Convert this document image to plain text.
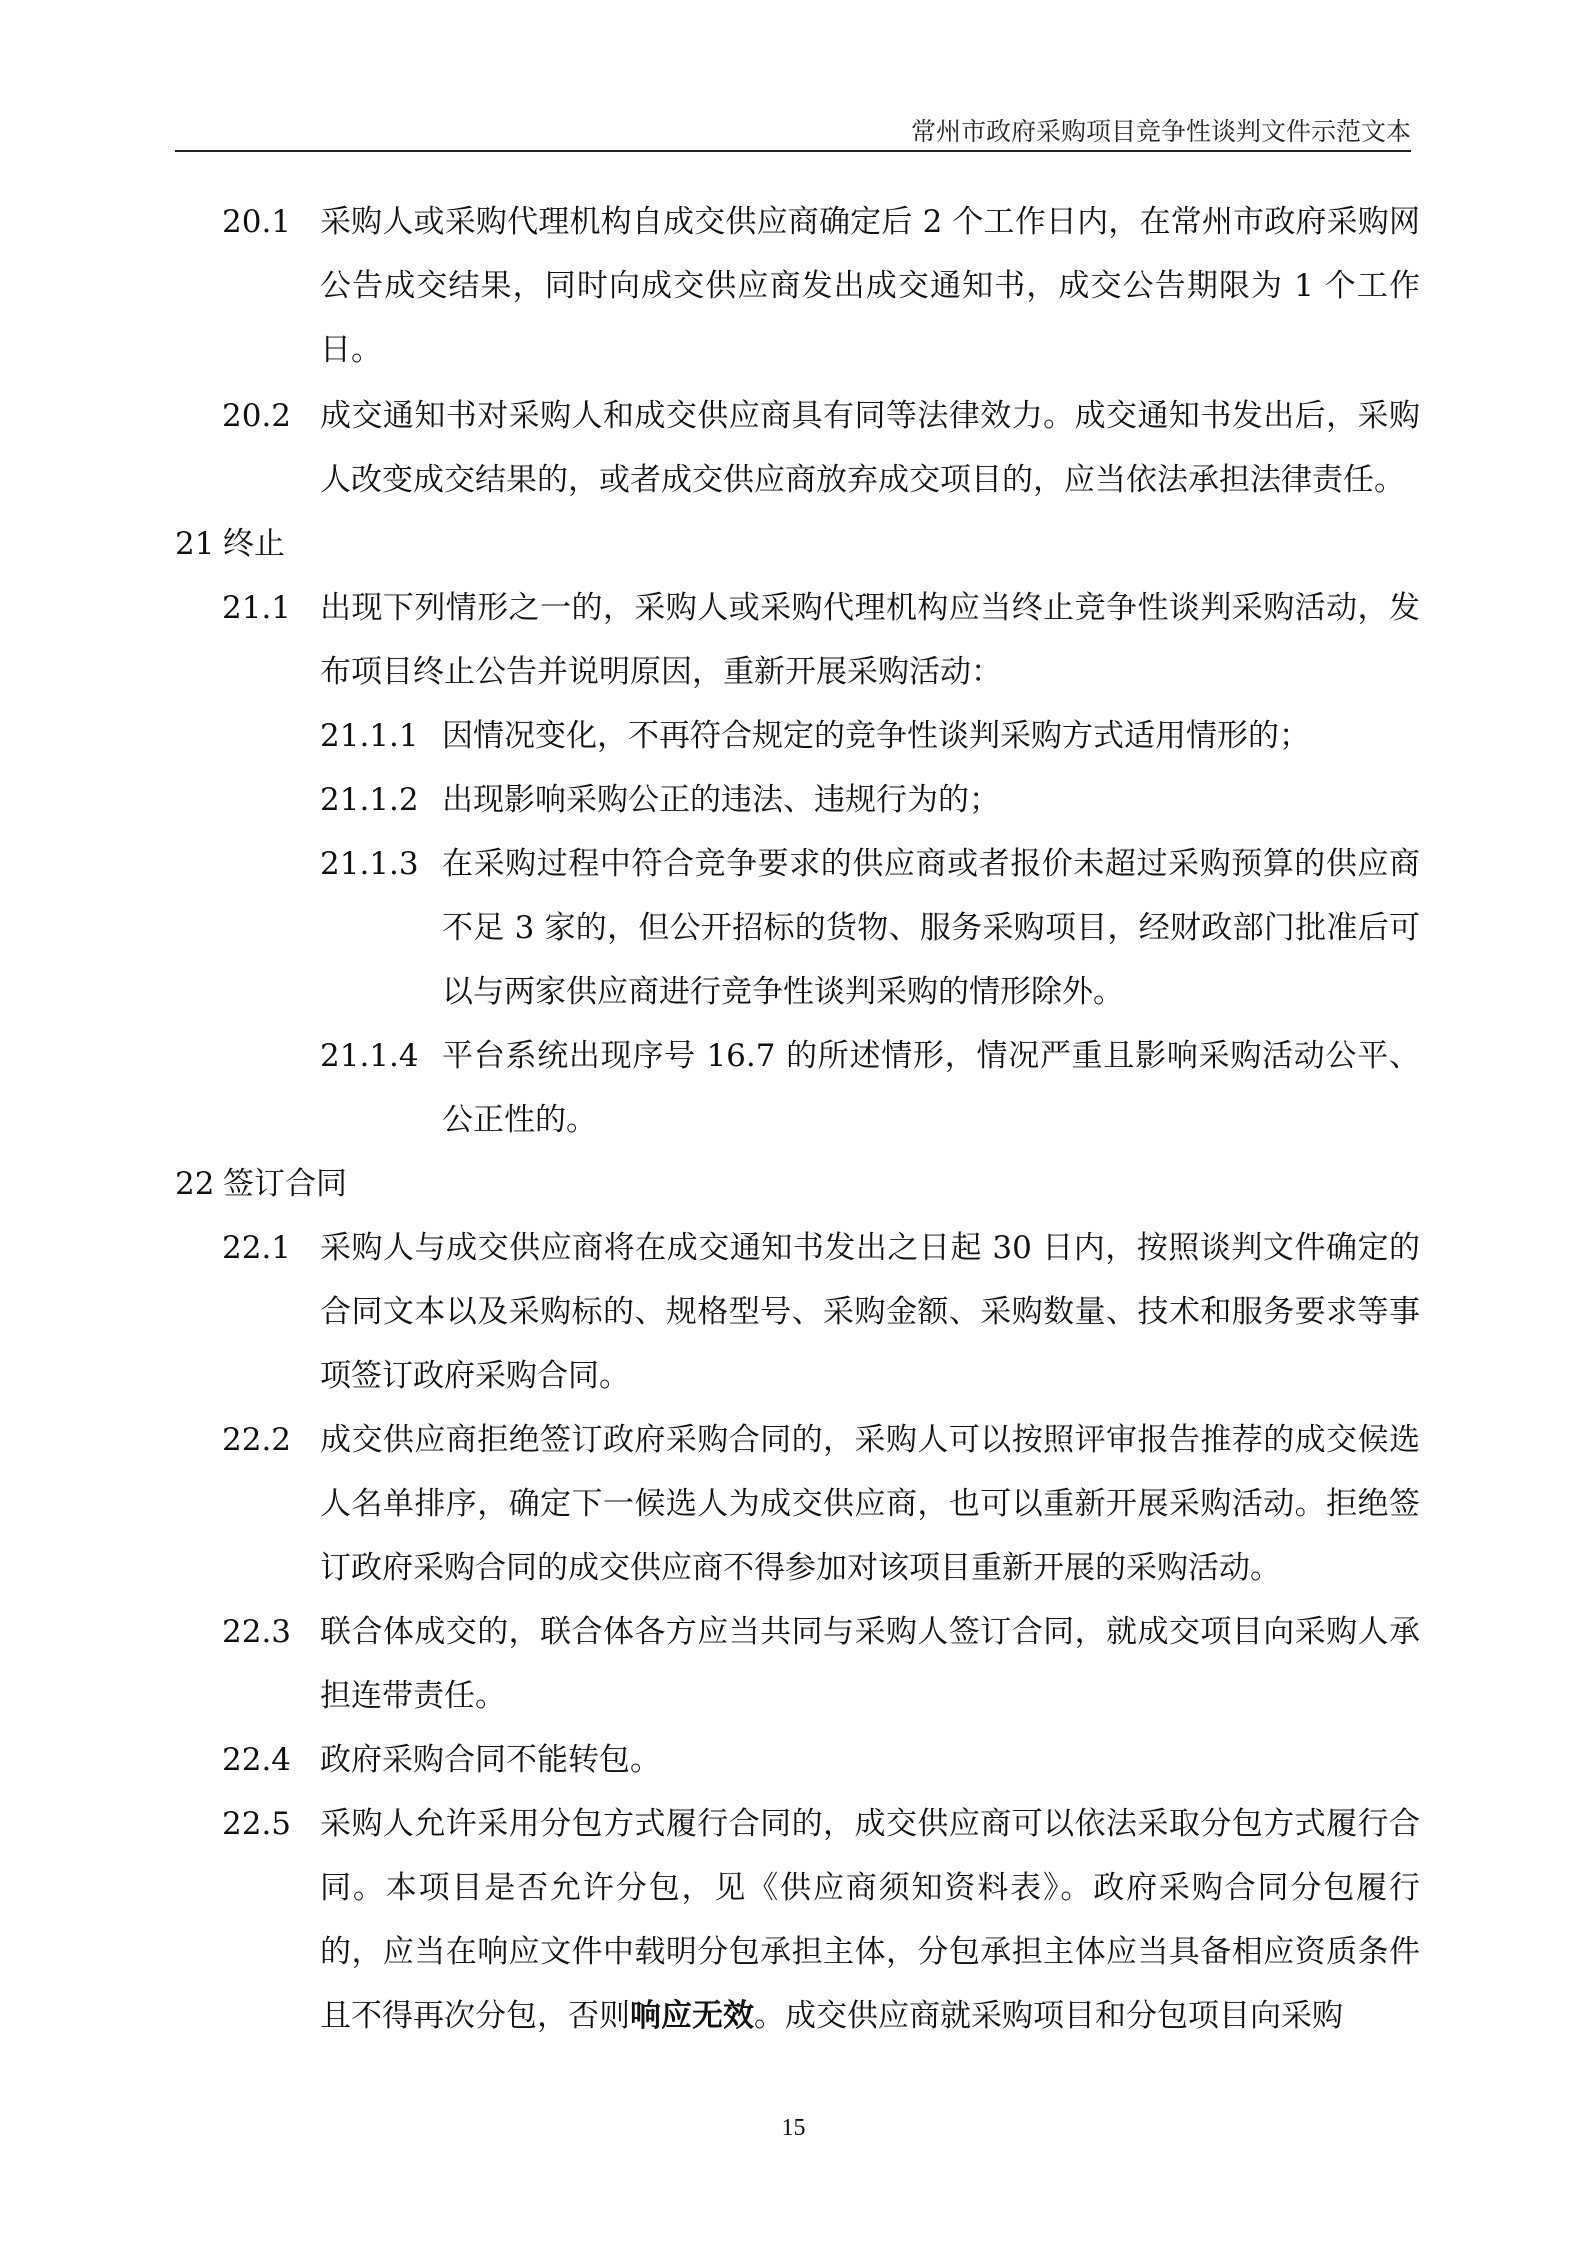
常州市政府采购项目竞争性谈判文件示范文本
20.1 采购人或采购代理机构自成交供应商确定后 2 个工作日内，在常州市政府采购网公告成交结果，同时向成交供应商发出成交通知书，成交公告期限为 1 个工作日。
20.2 成交通知书对采购人和成交供应商具有同等法律效力。成交通知书发出后，采购人改变成交结果的，或者成交供应商放弃成交项目的，应当依法承担法律责任。
21 终止
21.1 出现下列情形之一的，采购人或采购代理机构应当终止竞争性谈判采购活动，发布项目终止公告并说明原因，重新开展采购活动：
21.1.1 因情况变化，不再符合规定的竞争性谈判采购方式适用情形的；
21.1.2 出现影响采购公正的违法、违规行为的；
21.1.3 在采购过程中符合竞争要求的供应商或者报价未超过采购预算的供应商不足 3 家的，但公开招标的货物、服务采购项目，经财政部门批准后可以与两家供应商进行竞争性谈判采购的情形除外。
21.1.4 平台系统出现序号 16.7 的所述情形，情况严重且影响采购活动公平、公正性的。
22 签订合同
22.1 采购人与成交供应商将在成交通知书发出之日起 30 日内，按照谈判文件确定的合同文本以及采购标的、规格型号、采购金额、采购数量、技术和服务要求等事项签订政府采购合同。
22.2 成交供应商拒绝签订政府采购合同的，采购人可以按照评审报告推荐的成交候选人名单排序，确定下一候选人为成交供应商，也可以重新开展采购活动。拒绝签订政府采购合同的成交供应商不得参加对该项目重新开展的采购活动。
22.3 联合体成交的，联合体各方应当共同与采购人签订合同，就成交项目向采购人承担连带责任。
22.4 政府采购合同不能转包。
22.5 采购人允许采用分包方式履行合同的，成交供应商可以依法采取分包方式履行合同。本项目是否允许分包，见《供应商须知资料表》。政府采购合同分包履行的，应当在响应文件中载明分包承担主体，分包承担主体应当具备相应资质条件且不得再次分包，否则响应无效。成交供应商就采购项目和分包项目向采购
15
